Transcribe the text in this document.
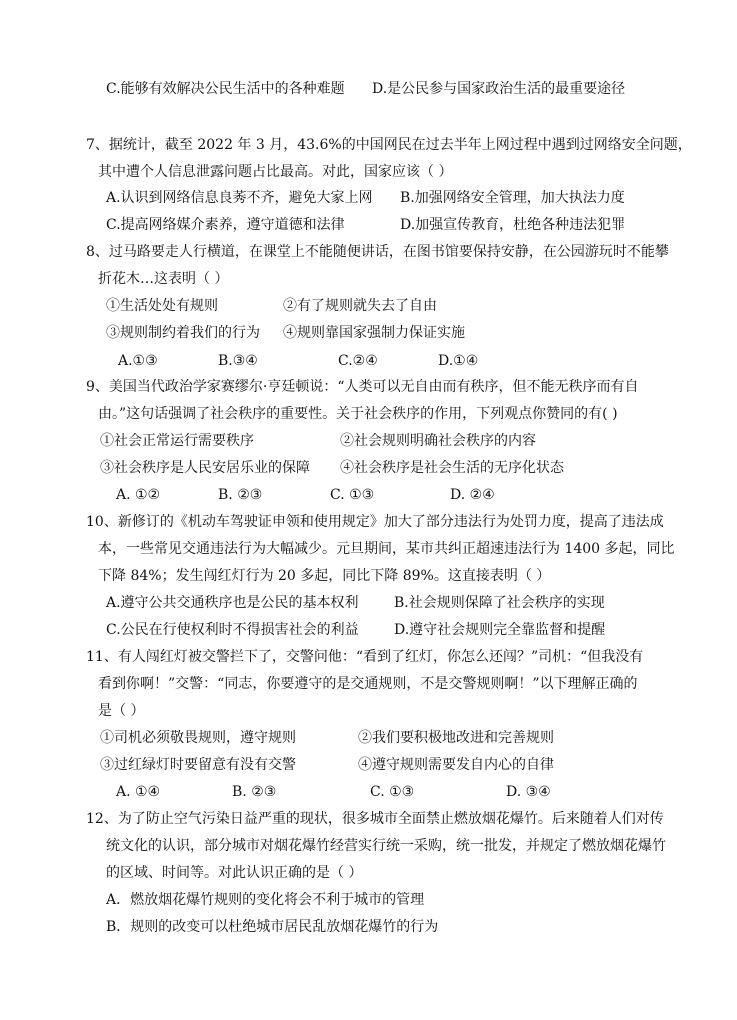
C.能够有效解决公民生活中的各种难题 D.是公民参与国家政治生活的最重要途径
7、据统计，截至 2022 年 3 月，43.6%的中国网民在过去半年上网过程中遇到过网络安全问题，
其中遭个人信息泄露问题占比最高。对此，国家应该（ ）
A.认识到网络信息良莠不齐，避免大家上网 B.加强网络安全管理，加大执法力度
C.提高网络媒介素养，遵守道德和法律	D.加强宣传教育，杜绝各种违法犯罪
8、过马路要走人行横道，在课堂上不能随便讲话，在图书馆要保持安静，在公园游玩时不能攀
折花木…这表明（ ）
①生活处处有规则	②有了规则就失去了自由
③规则制约着我们的行为 ④规则靠国家强制力保证实施
A.①③	B.③④	C.②④	D.①④
9、美国当代政治学家赛缪尔·亨廷顿说：“人类可以无自由而有秩序，但不能无秩序而有自
由。”这句话强调了社会秩序的重要性。关于社会秩序的作用，下列观点你赞同的有( )
①社会正常运行需要秩序	②社会规则明确社会秩序的内容
③社会秩序是人民安居乐业的保障 ④社会秩序是社会生活的无序化状态
A. ①②	B. ②③	C. ①③	D. ②④
10、新修订的《机动车驾驶证申领和使用规定》加大了部分违法行为处罚力度，提高了违法成
本，一些常见交通违法行为大幅减少。元旦期间，某市共纠正超速违法行为 1400 多起，同比
下降 84%；发生闯红灯行为 20 多起，同比下降 89%。这直接表明（ ）
A.遵守公共交通秩序也是公民的基本权利	B.社会规则保障了社会秩序的实现
C.公民在行使权利时不得损害社会的利益	D.遵守社会规则完全靠监督和提醒
11、有人闯红灯被交警拦下了，交警问他：“看到了红灯，你怎么还闯？”司机：“但我没有
看到你啊！”交警：“同志，你要遵守的是交通规则，不是交警规则啊！”以下理解正确的
是（ ）
①司机必须敬畏规则，遵守规则	②我们要积极地改进和完善规则
③过红绿灯时要留意有没有交警	④遵守规则需要发自内心的自律
A. ①④	B. ②③	C. ①③	D. ③④
12、为了防止空气污染日益严重的现状，很多城市全面禁止燃放烟花爆竹。后来随着人们对传
统文化的认识，部分城市对烟花爆竹经营实行统一采购，统一批发，并规定了燃放烟花爆竹
的区域、时间等。对此认识正确的是（ ）
A．燃放烟花爆竹规则的变化将会不利于城市的管理
B．规则的改变可以杜绝城市居民乱放烟花爆竹的行为
